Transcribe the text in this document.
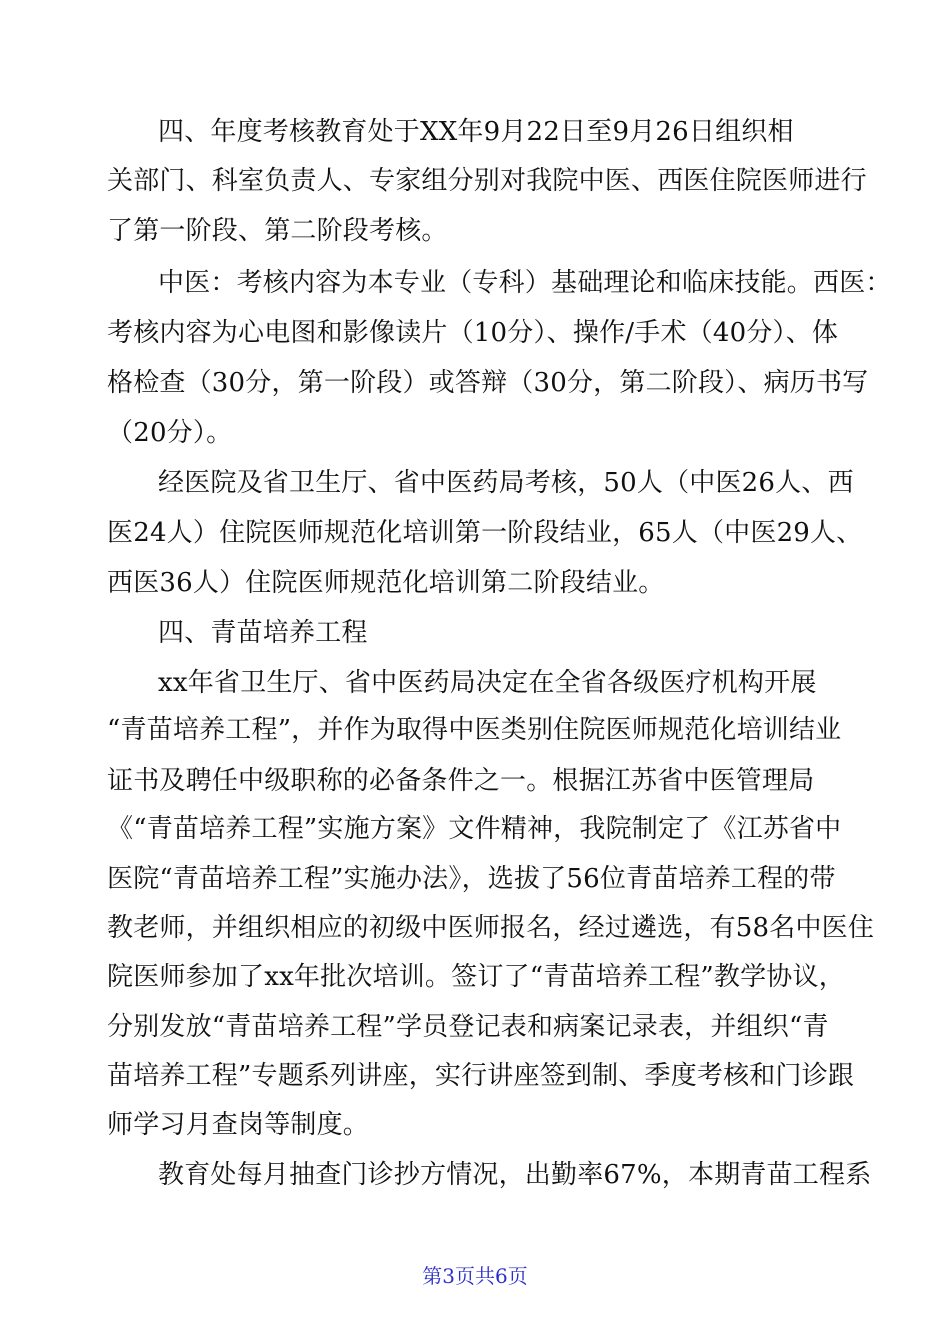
四、年度考核教育处于XX年9月22日至9月26日组织相
关部门、科室负责人、专家组分别对我院中医、西医住院医师进行
了第一阶段、第二阶段考核。
中医：考核内容为本专业（专科）基础理论和临床技能。西医：
考核内容为心电图和影像读片（10分）、操作/手术（40分）、体
格检查（30分，第一阶段）或答辩（30分，第二阶段）、病历书写
（20分）。
经医院及省卫生厅、省中医药局考核，50人（中医26人、西
医24人）住院医师规范化培训第一阶段结业，65人（中医29人、
西医36人）住院医师规范化培训第二阶段结业。
四、青苗培养工程
xx年省卫生厅、省中医药局决定在全省各级医疗机构开展
“青苗培养工程”，并作为取得中医类别住院医师规范化培训结业
证书及聘任中级职称的必备条件之一。根据江苏省中医管理局
《“青苗培养工程”实施方案》文件精神，我院制定了《江苏省中
医院“青苗培养工程”实施办法》，选拔了56位青苗培养工程的带
教老师，并组织相应的初级中医师报名，经过遴选，有58名中医住
院医师参加了xx年批次培训。签订了“青苗培养工程”教学协议，
分别发放“青苗培养工程”学员登记表和病案记录表，并组织“青
苗培养工程”专题系列讲座，实行讲座签到制、季度考核和门诊跟
师学习月查岗等制度。
教育处每月抽查门诊抄方情况，出勤率67%，本期青苗工程系
第3页共6页
